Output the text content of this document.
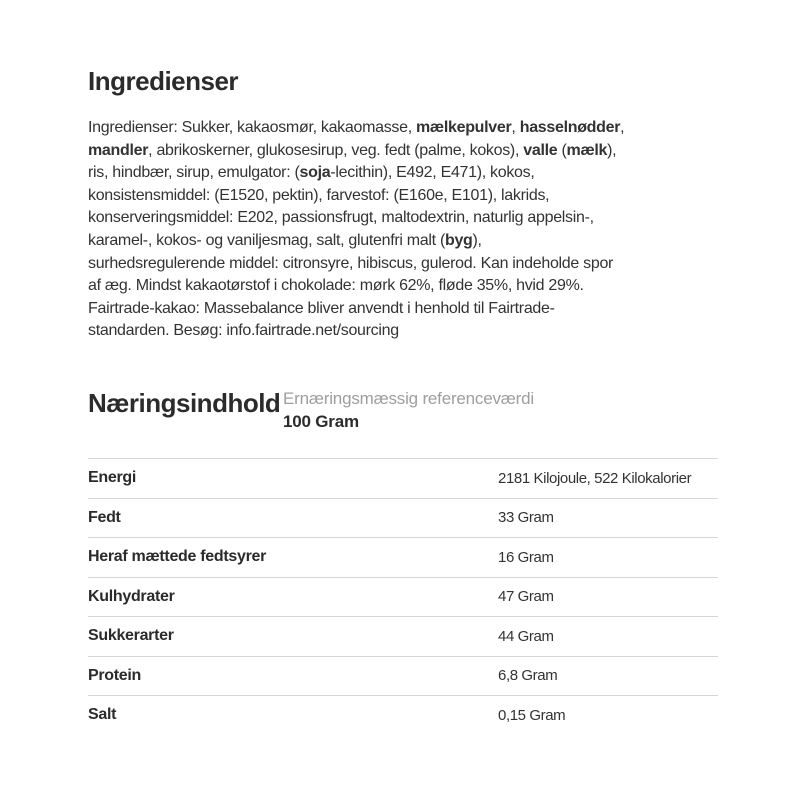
Ingredienser
Ingredienser: Sukker, kakaosmør, kakaomasse, mælkepulver, hasselnødder,
mandler, abrikoskerner, glukosesirup, veg. fedt (palme, kokos), valle (mælk),
ris, hindbær, sirup, emulgator: (soja-lecithin), E492, E471), kokos,
konsistensmiddel: (E1520, pektin), farvestof: (E160e, E101), lakrids,
konserveringsmiddel: E202, passionsfrugt, maltodextrin, naturlig appelsin-,
karamel-, kokos- og vaniljesmag, salt, glutenfri malt (byg),
surhedsregulerende middel: citronsyre, hibiscus, gulerod. Kan indeholde spor
af æg. Mindst kakaotørstof i chokolade: mørk 62%, fløde 35%, hvid 29%.
Fairtrade-kakao: Massebalance bliver anvendt i henhold til Fairtrade-
standarden. Besøg: info.fairtrade.net/sourcing
Næringsindhold Ernæringsmæssig referenceværdi
100 Gram
Energi	2181 Kilojoule, 522 Kilokalorier
Fedt	33 Gram
Heraf mættede fedtsyrer	16 Gram
Kulhydrater	47 Gram
Sukkerarter	44 Gram
Protein	6,8 Gram
Salt	0,15 Gram
